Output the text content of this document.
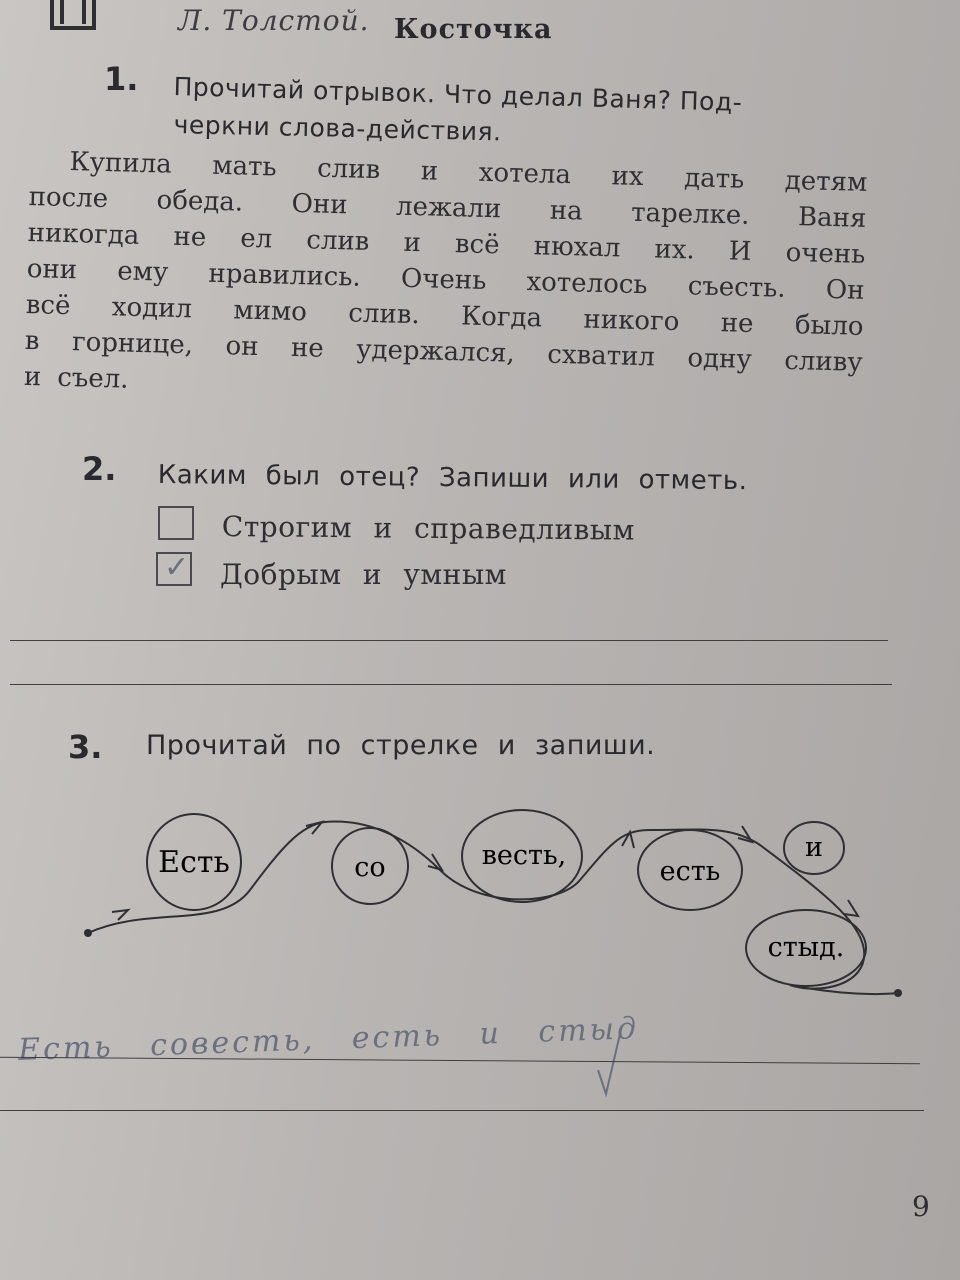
Л. Толстой. Косточка

1. Прочитай отрывок. Что делал Ваня? Под-

черкни слова-действия.

Купила мать слив и хотела их дать детям
после обеда. Они лежали на тарелке. Ваня
никогда не ел слив и всё нюхал их. И очень
они ему нравились. Очень хотелось съесть. Он
всё ходил мимо слив. Когда никого не было
в горнице, он не удержался, схватил одну сливу
и съел.

2. Каким был отец? Запиши или отметь.

Строгим и справедливым

✓ Добрым и умным

3. Прочитай по стрелке и запиши.

Есть	со	весть,
есть
и
стыд.

Есть совесть, есть и стыд

9
